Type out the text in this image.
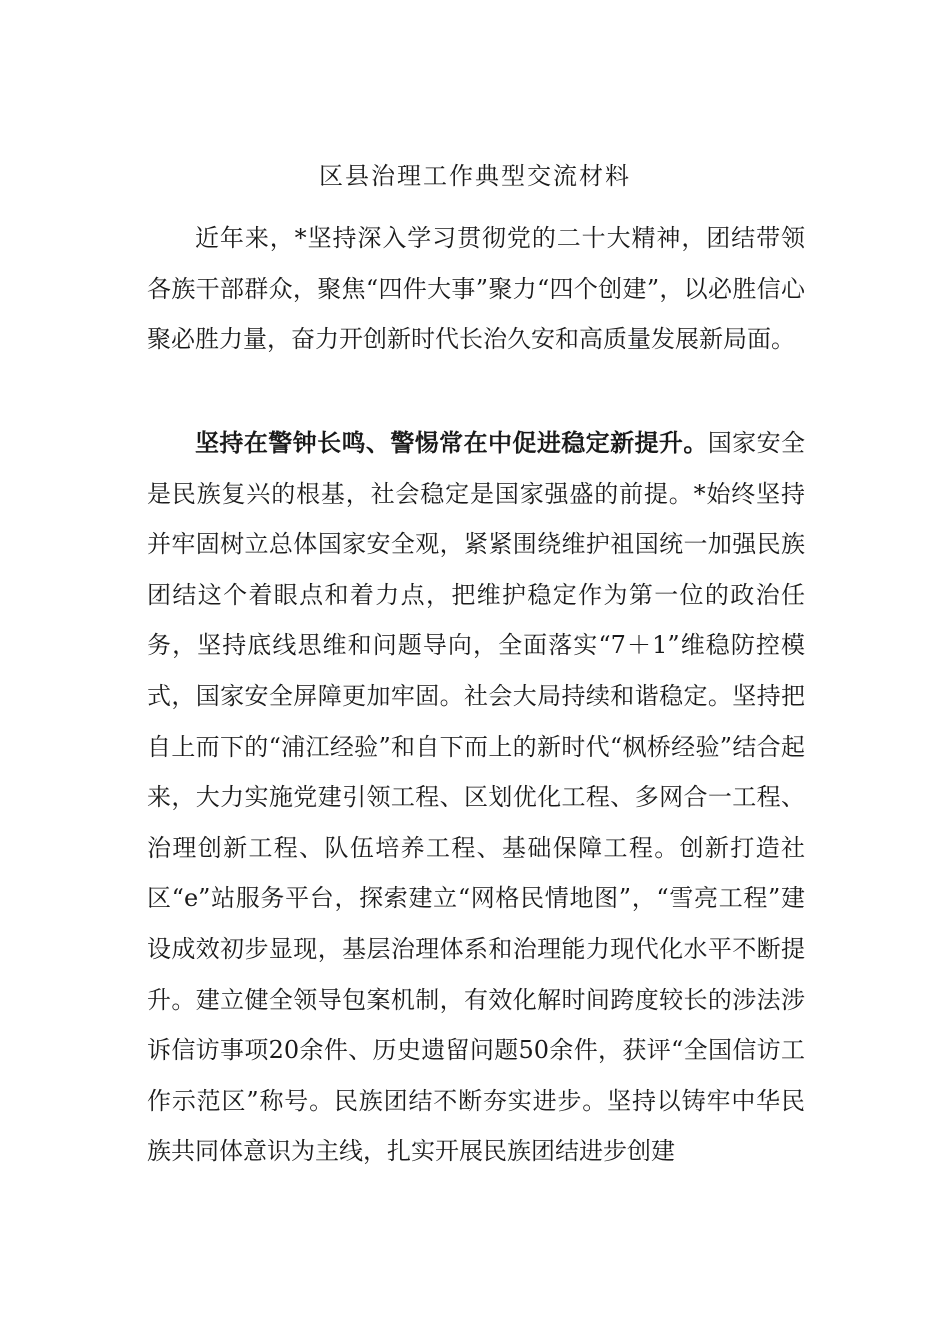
区县治理工作典型交流材料

近年来，*坚持深入学习贯彻党的二十大精神，团结带领各族干部群众，聚焦“四件大事”聚力“四个创建”，以必胜信心聚必胜力量，奋力开创新时代长治久安和高质量发展新局面。

坚持在警钟长鸣、警惕常在中促进稳定新提升。国家安全是民族复兴的根基，社会稳定是国家强盛的前提。*始终坚持并牢固树立总体国家安全观，紧紧围绕维护祖国统一加强民族团结这个着眼点和着力点，把维护稳定作为第一位的政治任务，坚持底线思维和问题导向，全面落实“7＋1”维稳防控模式，国家安全屏障更加牢固。社会大局持续和谐稳定。坚持把自上而下的“浦江经验”和自下而上的新时代“枫桥经验”结合起来，大力实施党建引领工程、区划优化工程、多网合一工程、治理创新工程、队伍培养工程、基础保障工程。创新打造社区“e”站服务平台，探索建立“网格民情地图”，“雪亮工程”建设成效初步显现，基层治理体系和治理能力现代化水平不断提升。建立健全领导包案机制，有效化解时间跨度较长的涉法涉诉信访事项20余件、历史遗留问题50余件，获评“全国信访工作示范区”称号。民族团结不断夯实进步。坚持以铸牢中华民族共同体意识为主线，扎实开展民族团结进步创建
